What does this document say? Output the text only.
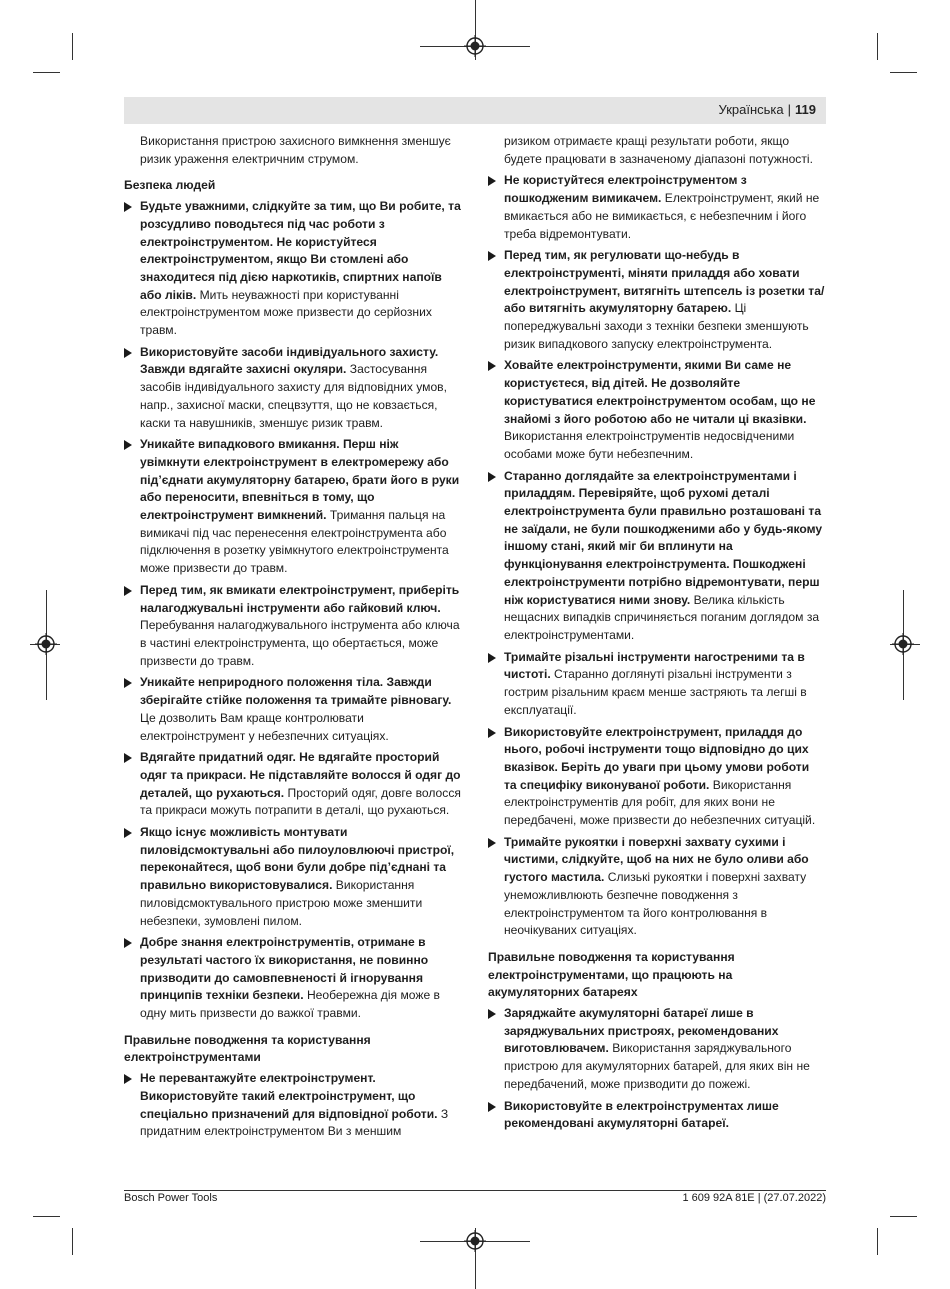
Українська | 119

Використання пристрою захисного вимкнення зменшує ризик ураження електричним струмом.

Безпека людей
Будьте уважними, слідкуйте за тим, що Ви робите, та розсудливо поводьтеся під час роботи з електроінструментом. Не користуйтеся електроінструментом, якщо Ви стомлені або знаходитеся під дією наркотиків, спиртних напоїв або ліків. Мить неуважності при користуванні електроінструментом може призвести до серйозних травм.
Використовуйте засоби індивідуального захисту. Завжди вдягайте захисні окуляри. Застосування засобів індивідуального захисту для відповідних умов, напр., захисної маски, спецвзуття, що не ковзається, каски та навушників, зменшує ризик травм.
Уникайте випадкового вмикання. Перш ніж увімкнути електроінструмент в електромережу або під’єднати акумуляторну батарею, брати його в руки або переносити, впевніться в тому, що електроінструмент вимкнений. Тримання пальця на вимикачі під час перенесення електроінструмента або підключення в розетку увімкнутого електроінструмента може призвести до травм.
Перед тим, як вмикати електроінструмент, приберіть налагоджувальні інструменти або гайковий ключ. Перебування налагоджувального інструмента або ключа в частині електроінструмента, що обертається, може призвести до травм.
Уникайте неприродного положення тіла. Завжди зберігайте стійке положення та тримайте рівновагу. Це дозволить Вам краще контролювати електроінструмент у небезпечних ситуаціях.
Вдягайте придатний одяг. Не вдягайте просторий одяг та прикраси. Не підставляйте волосся й одяг до деталей, що рухаються. Просторий одяг, довге волосся та прикраси можуть потрапити в деталі, що рухаються.
Якщо існує можливість монтувати пиловідсмоктувальні або пилоуловлюючі пристрої, переконайтеся, щоб вони були добре під’єднані та правильно використовувалися. Використання пиловідсмоктувального пристрою може зменшити небезпеки, зумовлені пилом.
Добре знання електроінструментів, отримане в результаті частого їх використання, не повинно призводити до самовпевненості й ігнорування принципів техніки безпеки. Необережна дія може в одну мить призвести до важкої травми.
Правильне поводження та користування електроінструментами
Не перевантажуйте електроінструмент. Використовуйте такий електроінструмент, що спеціально призначений для відповідної роботи. З придатним електроінструментом Ви з меншим

ризиком отримаєте кращі результати роботи, якщо будете працювати в зазначеному діапазоні потужності.

Не користуйтеся електроінструментом з пошкодженим вимикачем. Електроінструмент, який не вмикається або не вимикається, є небезпечним і його треба відремонтувати.
Перед тим, як регулювати що-небудь в електроінструменті, міняти приладдя або ховати електроінструмент, витягніть штепсель із розетки та/або витягніть акумуляторну батарею. Ці попереджувальні заходи з техніки безпеки зменшують ризик випадкового запуску електроінструмента.
Ховайте електроінструменти, якими Ви саме не користуєтеся, від дітей. Не дозволяйте користуватися електроінструментом особам, що не знайомі з його роботою або не читали ці вказівки. Використання електроінструментів недосвідченими особами може бути небезпечним.
Старанно доглядайте за електроінструментами і приладдям. Перевіряйте, щоб рухомі деталі електроінструмента були правильно розташовані та не заїдали, не були пошкодженими або у будь-якому іншому стані, який міг би вплинути на функціонування електроінструмента. Пошкоджені електроінструменти потрібно відремонтувати, перш ніж користуватися ними знову. Велика кількість нещасних випадків спричиняється поганим доглядом за електроінструментами.
Тримайте різальні інструменти нагостреними та в чистоті. Старанно доглянуті різальні інструменти з гострим різальним краєм менше застряють та легші в експлуатації.
Використовуйте електроінструмент, приладдя до нього, робочі інструменти тощо відповідно до цих вказівок. Беріть до уваги при цьому умови роботи та специфіку виконуваної роботи. Використання електроінструментів для робіт, для яких вони не передбачені, може призвести до небезпечних ситуацій.
Тримайте рукоятки і поверхні захвату сухими і чистими, слідкуйте, щоб на них не було оливи або густого мастила. Слизькі рукоятки і поверхні захвату унеможливлюють безпечне поводження з електроінструментом та його контролювання в неочікуваних ситуаціях.
Правильне поводження та користування електроінструментами, що працюють на акумуляторних батареях
Заряджайте акумуляторні батареї лише в заряджувальних пристроях, рекомендованих виготовлювачем. Використання заряджувального пристрою для акумуляторних батарей, для яких він не передбачений, може призводити до пожежі.
Використовуйте в електроінструментах лише рекомендовані акумуляторні батареї.
Bosch Power Tools	1 609 92A 81E | (27.07.2022)
